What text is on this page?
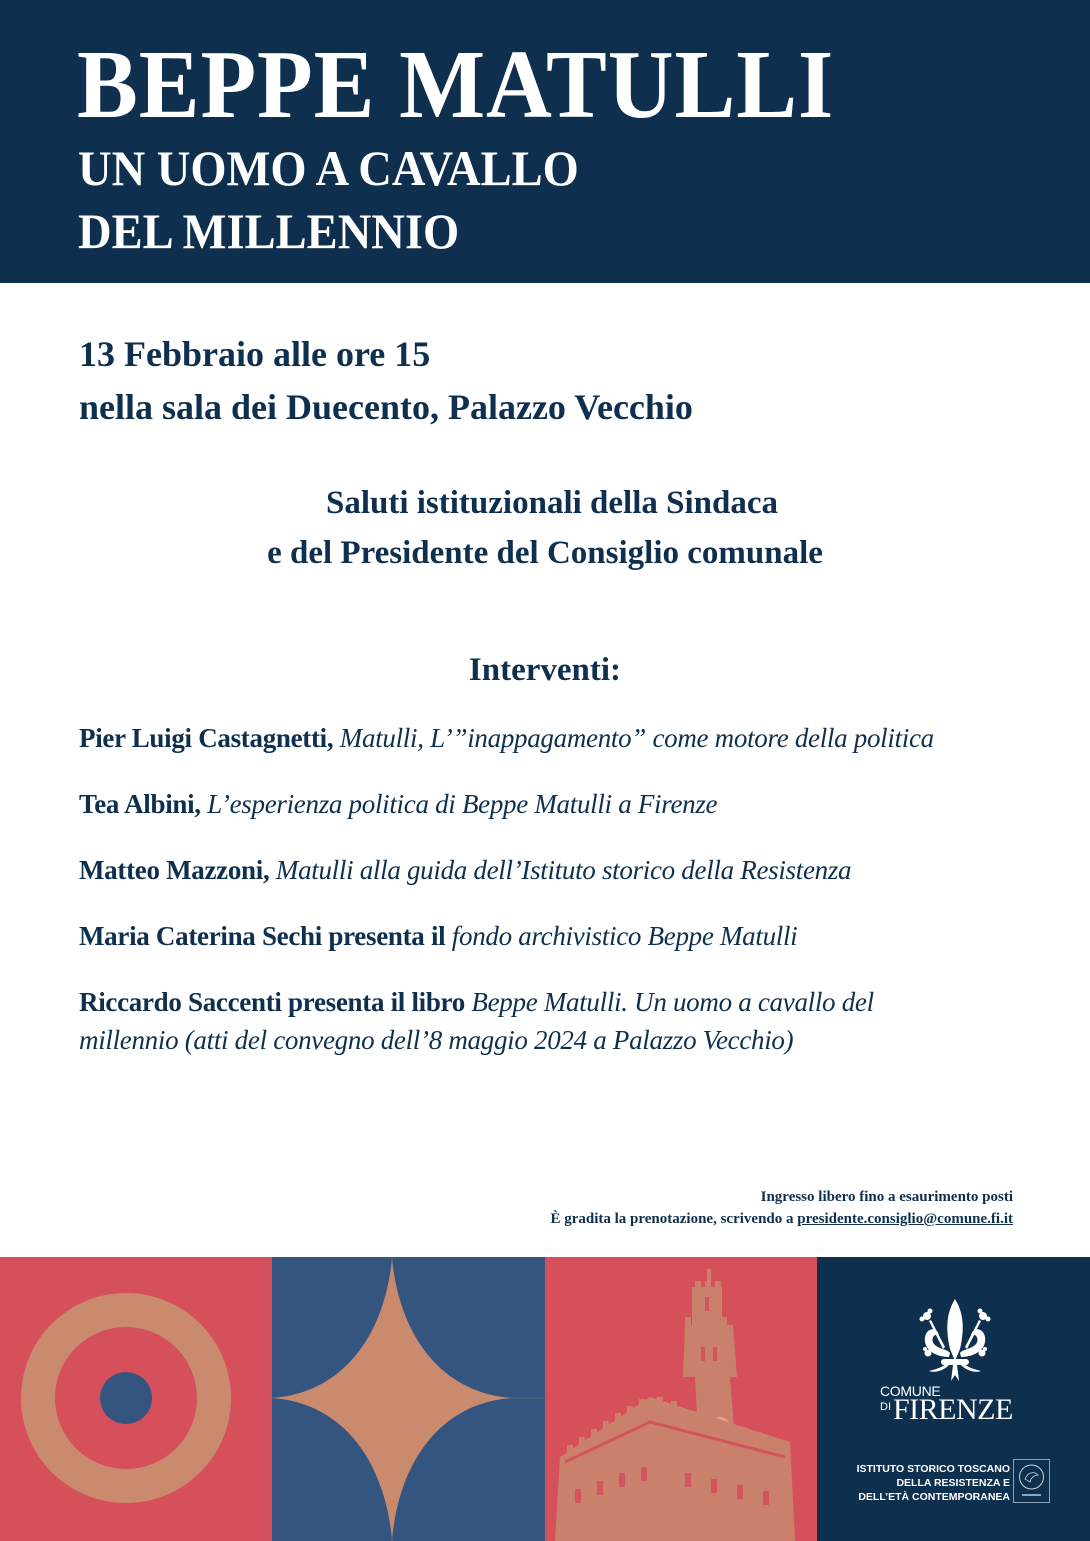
BEPPE MATULLI
UN UOMO A CAVALLO
DEL MILLENNIO
13 Febbraio alle ore 15
nella sala dei Duecento, Palazzo Vecchio
Saluti istituzionali della Sindaca
e del Presidente del Consiglio comunale
Interventi:
Pier Luigi Castagnetti, Matulli, L’”inappagamento” come motore della politica
Tea Albini, L’esperienza politica di Beppe Matulli a Firenze
Matteo Mazzoni, Matulli alla guida dell’Istituto storico della Resistenza
Maria Caterina Sechi presenta il fondo archivistico Beppe Matulli
Riccardo Saccenti presenta il libro Beppe Matulli. Un uomo a cavallo del
millennio (atti del convegno dell’8 maggio 2024 a Palazzo Vecchio)
Ingresso libero fino a esaurimento posti
È gradita la prenotazione, scrivendo a presidente.consiglio@comune.fi.it
COMUNE
DI FIRENZE
ISTITUTO STORICO TOSCANO
DELLA RESISTENZA E
DELL’ETÀ CONTEMPORANEA
